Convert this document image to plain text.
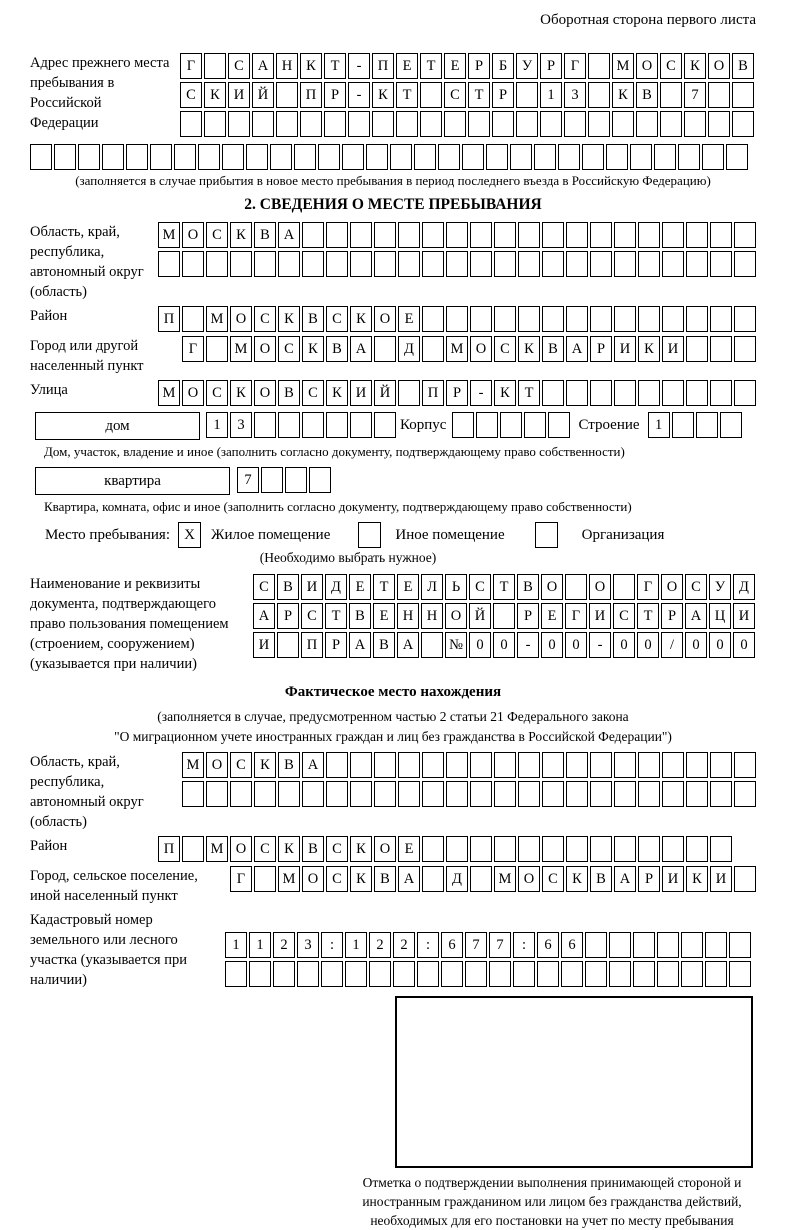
Оборотная сторона первого листа
Адрес прежнего места пребывания в Российской Федерации
Г	С А Н К	Т	-	П Е	Т	Е	Р	Б	У	Р	Г	М О С К О В
С К И Й	П	Р	-	К	Т	С	Т	Р	1	3	К В	7
(заполняется в случае прибытия в новое место пребывания в период последнего въезда в Российскую Федерацию)
2. СВЕДЕНИЯ О МЕСТЕ ПРЕБЫВАНИЯ
Область, край, республика, автономный округ (область)
М О С К В А
Район	П	М О С К В С К О Е
Город или другой населенный пункт
Г	М О С К В А	Д	М О С К В А	Р	И К И
Улица	М О С К О В С К И Й	П	Р	-	К	Т
дом	1	3	Корпус	Строение	1
Дом, участок, владение и иное (заполнить согласно документу, подтверждающему право собственности)
квартира	7
Квартира, комната, офис и иное (заполнить согласно документу, подтверждающему право собственности)
Место пребывания: X	Жилое помещение	Иное помещение	Организация
(Необходимо выбрать нужное)
Наименование и реквизиты документа, подтверждающего право пользования помещением (строением, сооружением) (указывается при наличии)
С В И Д	Е	Т	Е	Л	Ь	С	Т	В О	О	Г	О С У Д
А	Р	С	Т	В	Е Н Н О Й	Р	Е	Г	И С	Т	Р	А Ц И
И	П	Р	А В А	№ 0	0	-	0	0	-	0	0	/	0	0	0
Фактическое место нахождения
(заполняется в случае, предусмотренном частью 2 статьи 21 Федерального закона
"О миграционном учете иностранных граждан и лиц без гражданства в Российской Федерации")
Область, край, республика, автономный округ (область)
М О С К В А
Район	П	М О С К В С К О Е
Город, сельское поселение, иной населенный пункт
Г	М О С К В А	Д	М О С К В А	Р	И К И
Кадастровый номер земельного или лесного участка (указывается при наличии)
1	1	2	3	:	1	2	2	:	6	7	7	:	6	6
Отметка о подтверждении выполнения принимающей стороной и иностранным гражданином или лицом без гражданства действий, необходимых для его постановки на учет по месту пребывания
